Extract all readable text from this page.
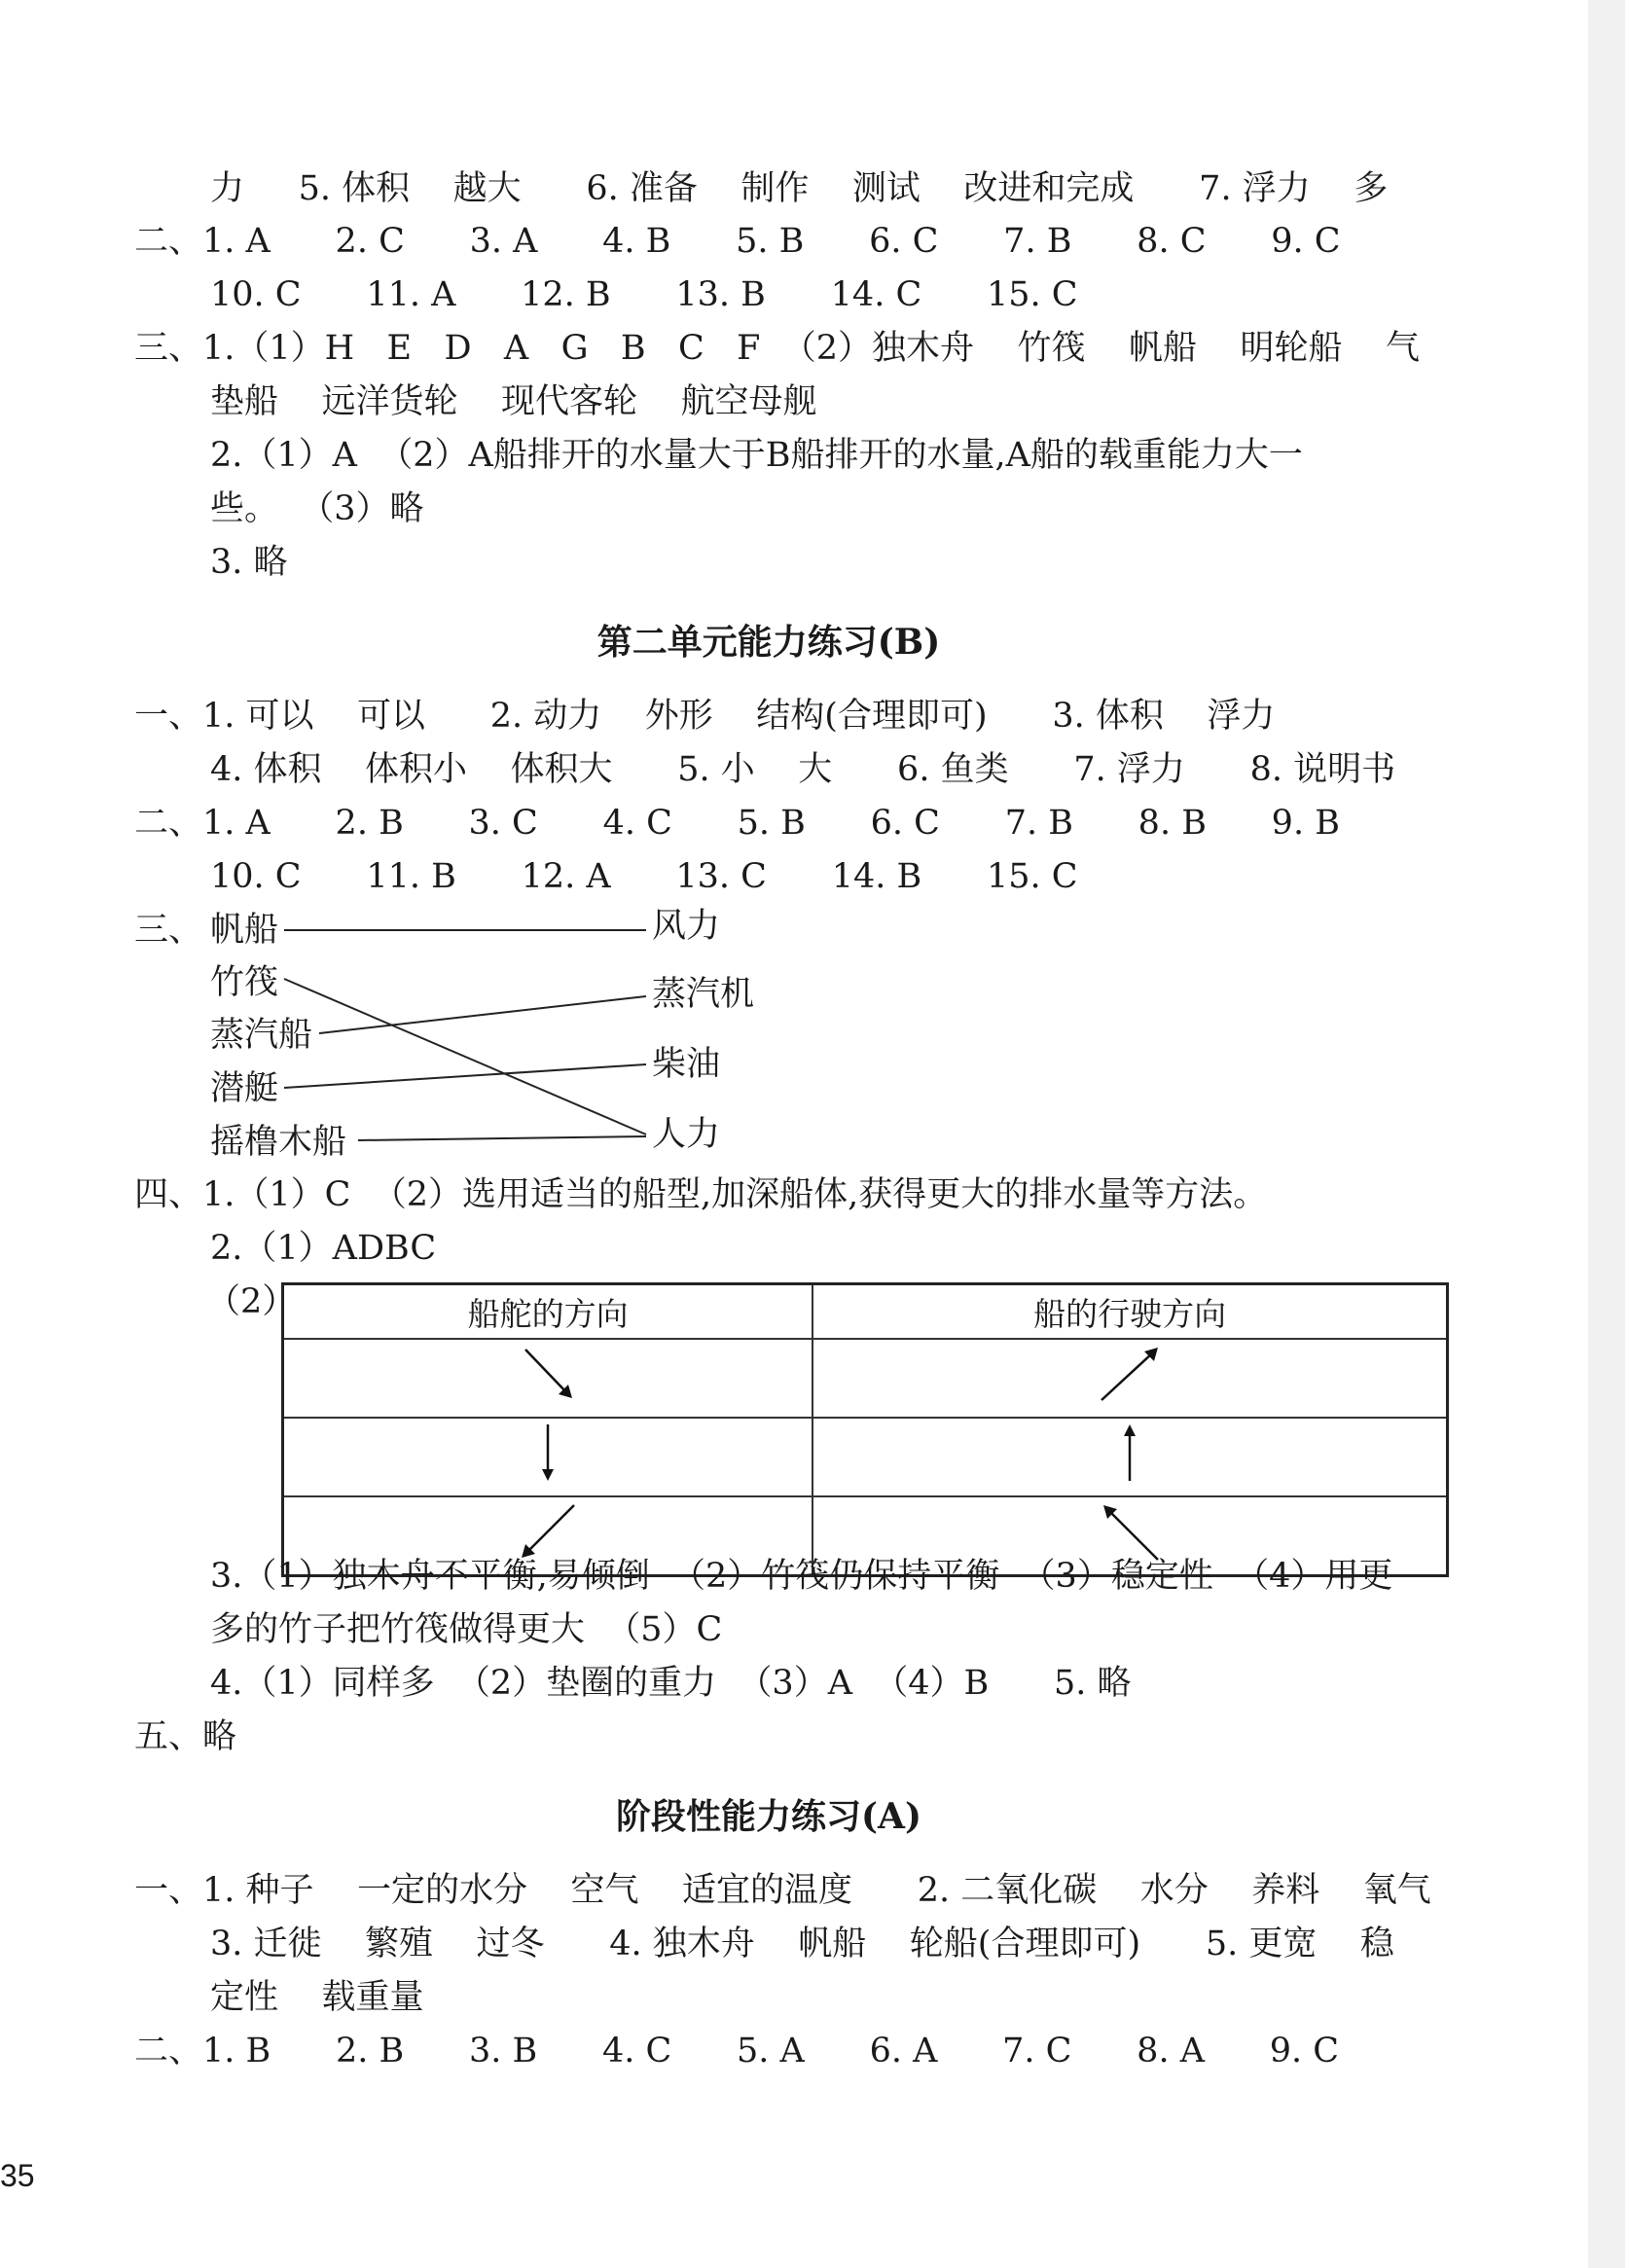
力     5. 体积    越大      6. 准备    制作    测试    改进和完成      7. 浮力    多
二、1. A      2. C      3. A      4. B      5. B      6. C      7. B      8. C      9. C
10. C      11. A      12. B      13. B      14. C      15. C
三、1.（1）H   E   D   A   G   B   C   F  （2）独木舟    竹筏    帆船    明轮船    气
垫船    远洋货轮    现代客轮    航空母舰
2.（1）A  （2）A船排开的水量大于B船排开的水量,A船的载重能力大一
些。  （3）略
3. 略
第二单元能力练习(B)
一、1. 可以    可以      2. 动力    外形    结构(合理即可)      3. 体积    浮力
4. 体积    体积小    体积大      5. 小    大      6. 鱼类      7. 浮力      8. 说明书
二、1. A      2. B      3. C      4. C      5. B      6. C      7. B      8. B      9. B
10. C      11. B      12. A      13. C      14. B      15. C
三、 帆船
竹筏
蒸汽船
潜艇
摇橹木船
风力
蒸汽机
柴油
人力
四、1.（1）C  （2）选用适当的船型,加深船体,获得更大的排水量等方法。
2.（1）ADBC
（2）	船舵的方向	船的行驶方向

3.（1）独木舟不平衡,易倾倒  （2）竹筏仍保持平衡  （3）稳定性  （4）用更
多的竹子把竹筏做得更大  （5）C
4.（1）同样多  （2）垫圈的重力  （3）A  （4）B      5. 略
五、略
阶段性能力练习(A)
一、1. 种子    一定的水分    空气    适宜的温度      2. 二氧化碳    水分    养料    氧气
3. 迁徙    繁殖    过冬      4. 独木舟    帆船    轮船(合理即可)      5. 更宽    稳
定性    载重量
二、1. B      2. B      3. B      4. C      5. A      6. A      7. C      8. A      9. C
35
